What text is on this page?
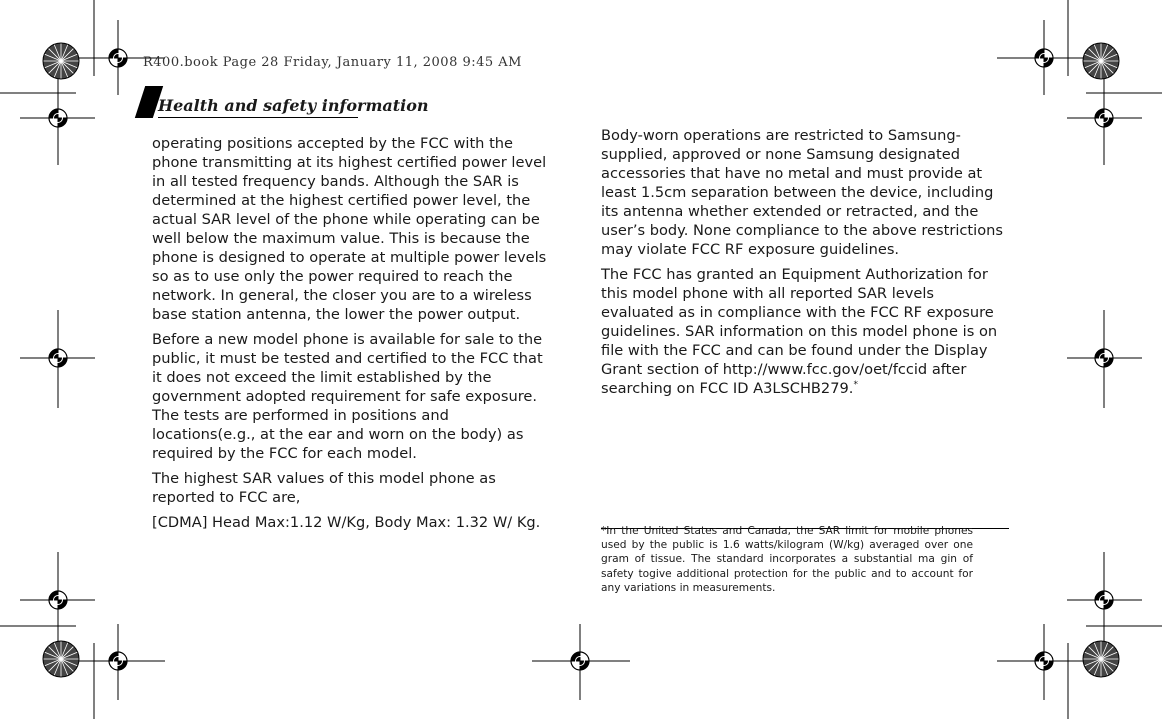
R400.book Page 28 Friday, January 11, 2008 9:45 AM
Health and safety information

operating positions accepted by the FCC with the phone transmitting at its highest certified power level in all tested frequency bands. Although the SAR is determined at the highest certified power level, the actual SAR level of the phone while operating can be well below the maximum value. This is because the phone is designed to operate at multiple power levels so as to use only the power required to reach the network. In general, the closer you are to a wireless base station antenna, the lower the power output.

Before a new model phone is available for sale to the public, it must be tested and certified to the FCC that it does not exceed the limit established by the government adopted requirement for safe exposure. The tests are performed in positions and locations(e.g., at the ear and worn on the body) as required by the FCC for each model.

The highest SAR values of this model phone as reported to FCC are,

[CDMA] Head Max:1.12 W/Kg, Body Max: 1.32 W/ Kg.

Body-worn operations are restricted to Samsung-supplied, approved or none Samsung designated accessories that have no metal and must provide at least 1.5cm separation between the device, including its antenna whether extended or retracted, and the user’s body. None compliance to the above restrictions may violate FCC RF exposure guidelines.

The FCC has granted an Equipment Authorization for this model phone with all reported SAR levels evaluated as in compliance with the FCC RF exposure guidelines. SAR information on this model phone is on file with the FCC and can be found under the Display Grant section of http://www.fcc.gov/oet/fccid after searching on FCC ID A3LSCHB279.*

*In the United States and Canada, the SAR limit for mobile phones used by the public is 1.6 watts/kilogram (W/kg) averaged over one gram of tissue. The standard incorporates a substantial ma gin of safety togive additional protection for the public and to account for any variations in measurements.
